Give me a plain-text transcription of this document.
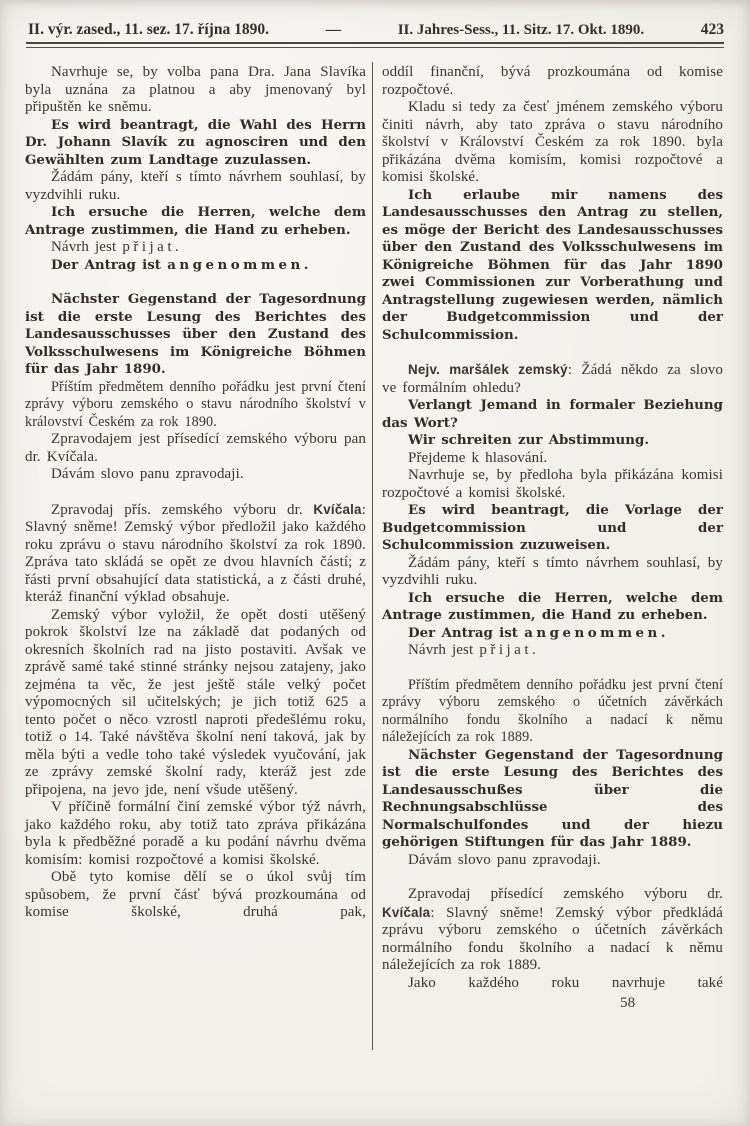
II. výr. zased., 11. sez. 17. října 1890.	—	II. Jahres-Sess., 11. Sitz. 17. Okt. 1890.	423

Navrhuje se, by volba pana Dra. Jana Slavíka byla uznána za platnou a aby jmenovaný byl připuštěn ke sněmu.

Es wird beantragt, die Wahl des Herrn Dr. Johann Slavík zu agnosciren und den Gewählten zum Landtage zuzulassen.

Žádám pány, kteří s tímto návrhem souhlasí, by vyzdvihli ruku.

Ich ersuche die Herren, welche dem Antrage zustimmen, die Hand zu erheben.

Návrh jest přijat.

Der Antrag ist angenommen.

Nächster Gegenstand der Tagesordnung ist die erste Lesung des Berichtes des Landesausschusses über den Zustand des Volksschulwesens im Königreiche Böhmen für das Jahr 1890.

Příštím předmětem denního pořádku jest první čtení zprávy výboru zemského o stavu národního školství v království Českém za rok 1890.

Zpravodajem jest přísedící zemského výboru pan dr. Kvíčala.

Dávám slovo panu zpravodaji.

Zpravodaj přís. zemského výboru dr. Kvíčala: Slavný sněme! Zemský výbor předložil jako každého roku zprávu o stavu národního školství za rok 1890. Zpráva tato skládá se opět ze dvou hlavních částí; z řásti první obsahující data statistická, a z části druhé, kteráž finanční výklad obsahuje.

Zemský výbor vyložil, že opět dosti utěšený pokrok školství lze na základě dat podaných od okresních školních rad na jisto postaviti. Avšak ve zprávě samé také stinné stránky nejsou zatajeny, jako zejména ta věc, že jest ještě stále velký počet výpomocných sil učitelských; je jich totiž 625 a tento počet o něco vzrostl naproti předešlému roku, totiž o 14. Také návštěva školní není taková, jak by měla býti a vedle toho také výsledek vyučování, jak ze zprávy zemské školní rady, kteráž jest zde připojena, na jevo jde, není všude utěšený.

V příčině formální činí zemské výbor týž návrh, jako každého roku, aby totiž tato zpráva přikázána byla k předběžné poradě a ku podání návrhu dvěma komisím: komisi rozpočtové a komisi školské.

Obě tyto komise dělí se o úkol svůj tím spůsobem, že první čásť bývá prozkoumána od komise školské, druhá pak,

oddíl finanční, bývá prozkoumána od komise rozpočtové.

Kladu si tedy za česť jménem zemského výboru činiti návrh, aby tato zpráva o stavu národního školství v Království Českém za rok 1890. byla přikázána dvěma komisím, komisi rozpočtové a komisi školské.

Ich erlaube mir namens des Landesausschusses den Antrag zu stellen, es möge der Bericht des Landesausschusses über den Zustand des Volksschulwesens im Königreiche Böhmen für das Jahr 1890 zwei Commissionen zur Vorberathung und Antragstellung zugewiesen werden, nämlich der Budgetcommission und der Schulcommission.

Nejv. maršálek zemský: Žádá někdo za slovo ve formálním ohledu?

Verlangt Jemand in formaler Beziehung das Wort?

Wir schreiten zur Abstimmung.

Přejdeme k hlasování.

Navrhuje se, by předloha byla přikázána komisi rozpočtové a komisi školské.

Es wird beantragt, die Vorlage der Budgetcommission und der Schulcommission zuzuweisen.

Žádám pány, kteří s tímto návrhem souhlasí, by vyzdvihli ruku.

Ich ersuche die Herren, welche dem Antrage zustimmen, die Hand zu erheben.

Der Antrag ist angenommen.

Návrh jest přijat.

Příštím předmětem denního pořádku jest první čtení zprávy výboru zemského o účetních závěrkách normálního fondu školního a nadací k němu náležejících za rok 1889.

Nächster Gegenstand der Tagesordnung ist die erste Lesung des Berichtes des Landesausschußes über die Rechnungsabschlüsse des Normalschulfondes und der hiezu gehörigen Stiftungen für das Jahr 1889.

Dávám slovo panu zpravodaji.

Zpravodaj přísedící zemského výboru dr. Kvíčala: Slavný sněme! Zemský výbor předkládá zprávu výboru zemského o účetních závěrkách normálního fondu školního a nadací k němu náležejících za rok 1889.

Jako každého roku navrhuje také

58
